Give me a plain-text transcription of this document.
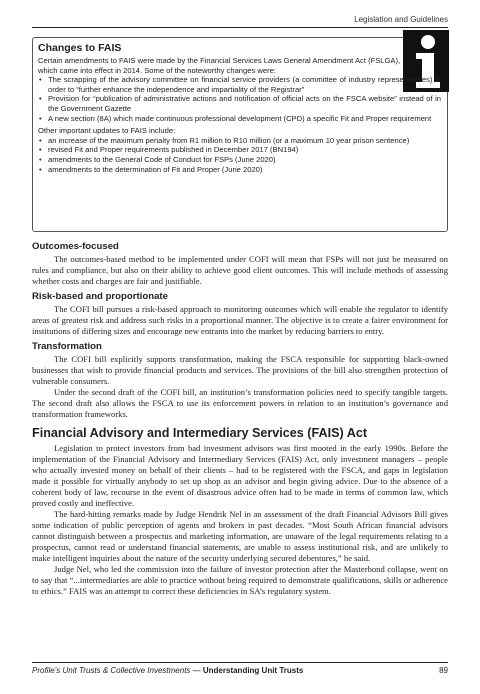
Legislation and Guidelines
Changes to FAIS
Certain amendments to FAIS were made by the Financial Services Laws General Amendment Act (FSLGA), which came into effect in 2014. Some of the noteworthy changes were:
• The scrapping of the advisory committee on financial service providers (a committee of industry representatives) in order to “further enhance the independence and impartiality of the Registrar”
• Provision for “publication of administrative actions and notification of official acts on the FSCA website” instead of in the Government Gazette
• A new section (8A) which made continuous professional development (CPD) a specific Fit and Proper requirement
Other important updates to FAIS include:
• an increase of the maximum penalty from R1 million to R10 million (or a maximum 10 year prison sentence)
• revised Fit and Proper requirements published in December 2017 (BN194)
• amendments to the General Code of Conduct for FSPs (June 2020)
• amendments to the determination of Fit and Proper (June 2020)
Outcomes-focused

The outcomes-based method to be implemented under COFI will mean that FSPs will not just be measured on rules and compliance, but also on their ability to achieve good client outcomes. This will include methods of assessing whether costs and charges are fair and justifiable.

Risk-based and proportionate

The COFI bill pursues a risk-based approach to monitoring outcomes which will enable the regulator to identify areas of greatest risk and address such risks in a proportional manner. The objective is to create a fairer environment for institutions of differing sizes and encourage new entrants into the market by reducing barriers to entry.

Transformation

The COFI bill explicitly supports transformation, making the FSCA responsible for supporting black-owned businesses that wish to provide financial products and services. The provisions of the bill also strengthen protection of vulnerable consumers.

Under the second draft of the COFI bill, an institution’s transformation policies need to specify tangible targets. The second draft also allows the FSCA to use its enforcement powers in relation to an institution’s governance and transformation frameworks.

Financial Advisory and Intermediary Services (FAIS) Act

Legislation to protect investors from bad investment advisors was first mooted in the early 1990s. Before the implementation of the Financial Advisory and Intermediary Services (FAIS) Act, only investment managers – people who actually invested money on behalf of their clients – had to be registered with the FSCA, and gaps in legislation made it possible for virtually anybody to set up shop as an advisor and begin giving advice. Due to the absence of a coherent body of law, recourse in the event of disastrous advice often had to be made in terms of common law, which proved costly and ineffective.

The hard-hitting remarks made by Judge Hendrik Nel in an assessment of the draft Financial Advisors Bill gives some indication of public perception of agents and brokers in past decades. “Most South African financial advisors cannot distinguish between a prospectus and marketing information, are unaware of the legal requirements relating to a prospectus, cannot read or understand financial statements, are unable to assess institutional risk, and are unlikely to make intelligent inquiries about the nature of the security underlying secured debentures,” he said.

Judge Nel, who led the commission into the failure of investor protection after the Masterbond collapse, went on to say that “...intermediaries are able to practice without being required to demonstrate qualifications, skills or adherence to ethics.” FAIS was an attempt to correct these deficiencies in SA’s regulatory system.

Profile’s Unit Trusts & Collective Investments — Understanding Unit Trusts	89
